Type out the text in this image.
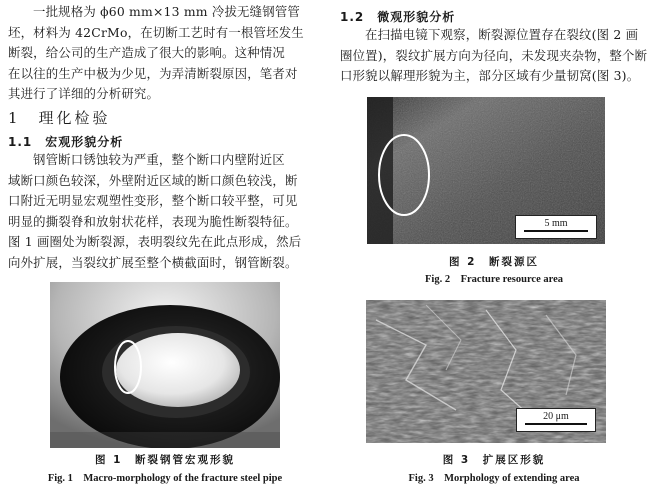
一批规格为 ϕ60 mm×13 mm 冷拔无缝钢管管
坯，材料为 42CrMo，在切断工艺时有一根管坯发生
断裂，给公司的生产造成了很大的影响。这种情况
在以往的生产中极为少见，为弄清断裂原因，笔者对
其进行了详细的分析研究。

1　理化检验
1.1　宏观形貌分析

钢管断口锈蚀较为严重，整个断口内壁附近区
域断口颜色较深，外壁附近区域的断口颜色较浅，断
口附近无明显宏观塑性变形，整个断口较平整，可见
明显的撕裂脊和放射状花样，表现为脆性断裂特征。
图 1 画圈处为断裂源，表明裂纹先在此点形成，然后
向外扩展，当裂纹扩展至整个横截面时，钢管断裂。

图 1　断裂钢管宏观形貌
Fig. 1　Macro-morphology of the fracture steel pipe
1.2　微观形貌分析

在扫描电镜下观察，断裂源位置存在裂纹(图 2 画
圈位置)，裂纹扩展方向为径向，未发现夹杂物，整个断
口形貌以解理形貌为主，部分区域有少量韧窝(图 3)。

5 mm
图 2　断裂源区
Fig. 2　Fracture resource area
20 μm
图 3　扩展区形貌
Fig. 3　Morphology of extending area
